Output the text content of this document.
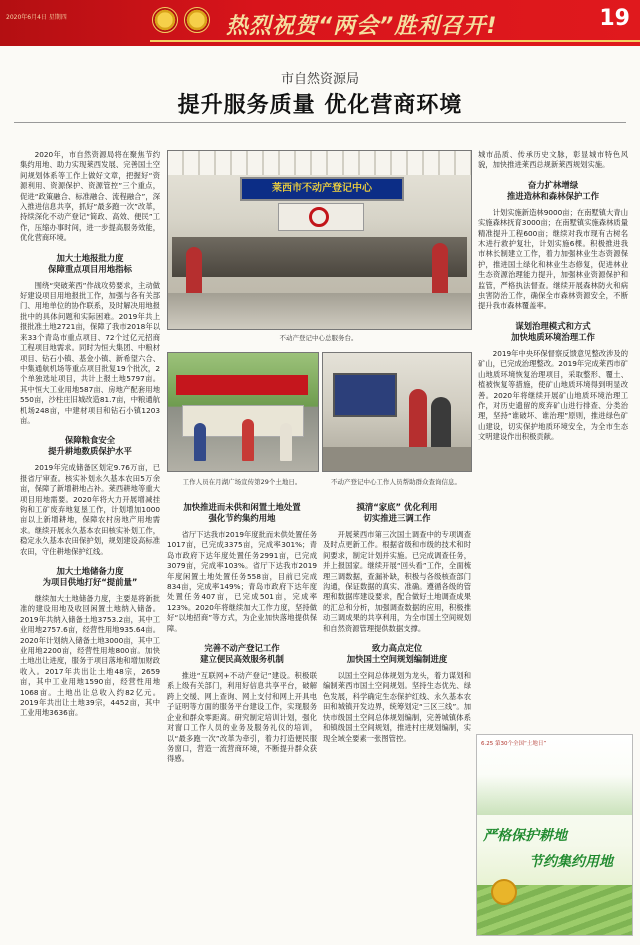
2020年6月4日 星期四	热烈祝贺“两会”胜利召开!	19
市自然资源局
提升服务质量 优化营商环境

2020年，市自然资源局将在聚焦节约集约用地、助力实现莱西发展、完善国土空间规划体系等工作上做好文章，把握好“资源利用、资源保护、资源管控”三个重点，促进“政策融合、标准融合、流程融合”，深入推进信息共享，抓好“最多跑一次”改革，持续深化不动产登记“简政、高效、便民”工作，压缩办事时间，进一步提高服务效能，优化营商环境。

加大土地报批力度
保障重点项目用地指标

围绕“突破莱西”作战攻势要求，主动做好建设项目用地报批工作，加强与各有关部门、用地单位的协作联系，及时解决用地报批中的具体问题和实际困难。2019年共上报批准土地2721亩，保障了我市2018年以来33个青岛市重点项目、72个过亿元招商工程项目地需求。同时为恒大集团、中粮材项目、钻石小镇、基金小镇、新希望六合、中集通航机场等重点项目批复19个批次，2个单独选址项目，共计上报土地5797亩。其中恒大工业用地587亩、房地产配套用地550亩，沙柱庄旧城改造81.7亩，中粮通航机场248亩，中建材项目和钻石小镇1203亩。

保障粮食安全
提升耕地数质保护水平

2019年完成储备区划定9.76万亩，已报省厅审查。核实补划永久基本农田5万余亩，保障了新增耕地占补。莱西耕地等重大项目用地需要。2020年将大力开展增减挂钩和工矿废弃地复垦工作，计划增加1000亩以上新增耕地，保障农村房地产用地需求。继续开展永久基本农田核实补划工作，稳定永久基本农田保护划，规划建设高标准农田，守住耕地保护红线。

加大土地储备力度
为项目供地打好“提前量”

继续加大土地储备力度，主要是将新批准的建设用地及收回闲置土地纳入储备。2019年共纳入储备土地3753.2亩，其中工业用地2757.6亩，经营性用地935.64亩。2020年计划纳入储备土地3000亩，其中工业用地2200亩，经营性用地800亩。加快土地出让进度，服务于项目落地和增加财政收入。2017年共出让土地48宗，2659亩，其中工业用地1590亩，经营性用地1068亩。土地出让总收入约82亿元。2019年共出让土地39宗，4452亩，其中工业用地3636亩。

莱西市不动产登记中心
不动产登记中心总服务台。
工作人员在月湖广场宣传第29个土地日。	不动产登记中心工作人员帮助群众查询信息。
加快推进而未供和闲置土地处置
强化节约集约用地

省厅下达我市2019年度批而未供处置任务1017亩，已完成3375亩，完成率301%；青岛市政府下达年度处置任务2991亩，已完成3079亩，完成率103%。省厅下达我市2019年度闲置土地处置任务558亩，目前已完成834亩，完成率149%；青岛市政府下达年度处置任务407亩，已完成501亩，完成率123%。2020年将继续加大工作力度，坚持做好“以地招商”等方式，为企业加快落地提供保障。

完善不动产登记工作
建立便民高效服务机制

推进“互联网+不动产登记”建设。积极联系上级有关部门，利用好信息共享平台，破解跨上交缓、网上查询、网上支付和网上开具电子证明等方面的服务平台建设工作，实现服务企业和群众零距离。研究制定培训计划，强化对窗口工作人员的业务及服务礼仪的培训，以“最多跑一次”改革为牵引，着力打造便民服务窗口，营造一流营商环境，不断提升群众获得感。

摸清“家底” 优化利用
切实推进三调工作

开展莱西市第三次国土调查中的专项调查及时点更新工作。根据省级和市级的技术和时间要求，制定计划并实施。已完成调查任务，并上报国家。继续开展“回头看”工作，全面梳理三调数据，查漏补缺，积极与各级核查部门沟通，保证数据的真实、准确。遵循各级的管理和数据库建设要求，配合做好土地调查成果的汇总和分析，加强调查数据的应用，积极推动三调成果的共享利用，为全市国土空间规划和自然资源管理提供数据支撑。

致力高点定位
加快国土空间规划编制进度

以国土空间总体规划为龙头，着力谋划和编制莱西市国土空间规划。坚持生态优先、绿色发展，科学确定生态保护红线、永久基本农田和城镇开发边界，统筹划定“三区三线”。加快市级国土空间总体规划编制，完善城镇体系和镇级国土空间规划，推进村庄规划编制，实现全域全要素一张图管控。

城市品质、传承历史文脉，彰显城市特色风貌，加快推进莱西总规新莱西规划实施。

奋力扩林增绿
推进造林和森林保护工作

计划实施新造林9000亩；在南墅镇大青山实施森林抚育3000亩；在南墅镇实施森林质量精准提升工程600亩；继续对我市现有古树名木进行救护复壮，计划实施6棵。积极推进我市林长制建立工作，着力加强林业生态资源保护，推进国土绿化和林业生态修复，促进林业生态资源治理能力提升，加强林业资源保护和监管，严格执法督查。继续开展森林防火和病虫害防治工作，确保全市森林资源安全，不断提升我市森林覆盖率。

谋划治理模式和方式
加快地质环境治理工作

2019年中央环保督察反馈意见整改涉及的矿山，已完成治理整改。2019年完成莱西市矿山地质环境恢复治理项目，采取整形、覆土、植被恢复等措施，使矿山地质环境得到明显改善。2020年将继续开展矿山地质环境治理工作，对历史遗留的废弃矿山进行排查、分类治理，坚持“谁破坏、谁治理”原则，推进绿色矿山建设，切实保护地质环境安全，为全市生态文明建设作出积极贡献。

6.25 第30个全国“土地日”
严格保护耕地
节约集约用地
